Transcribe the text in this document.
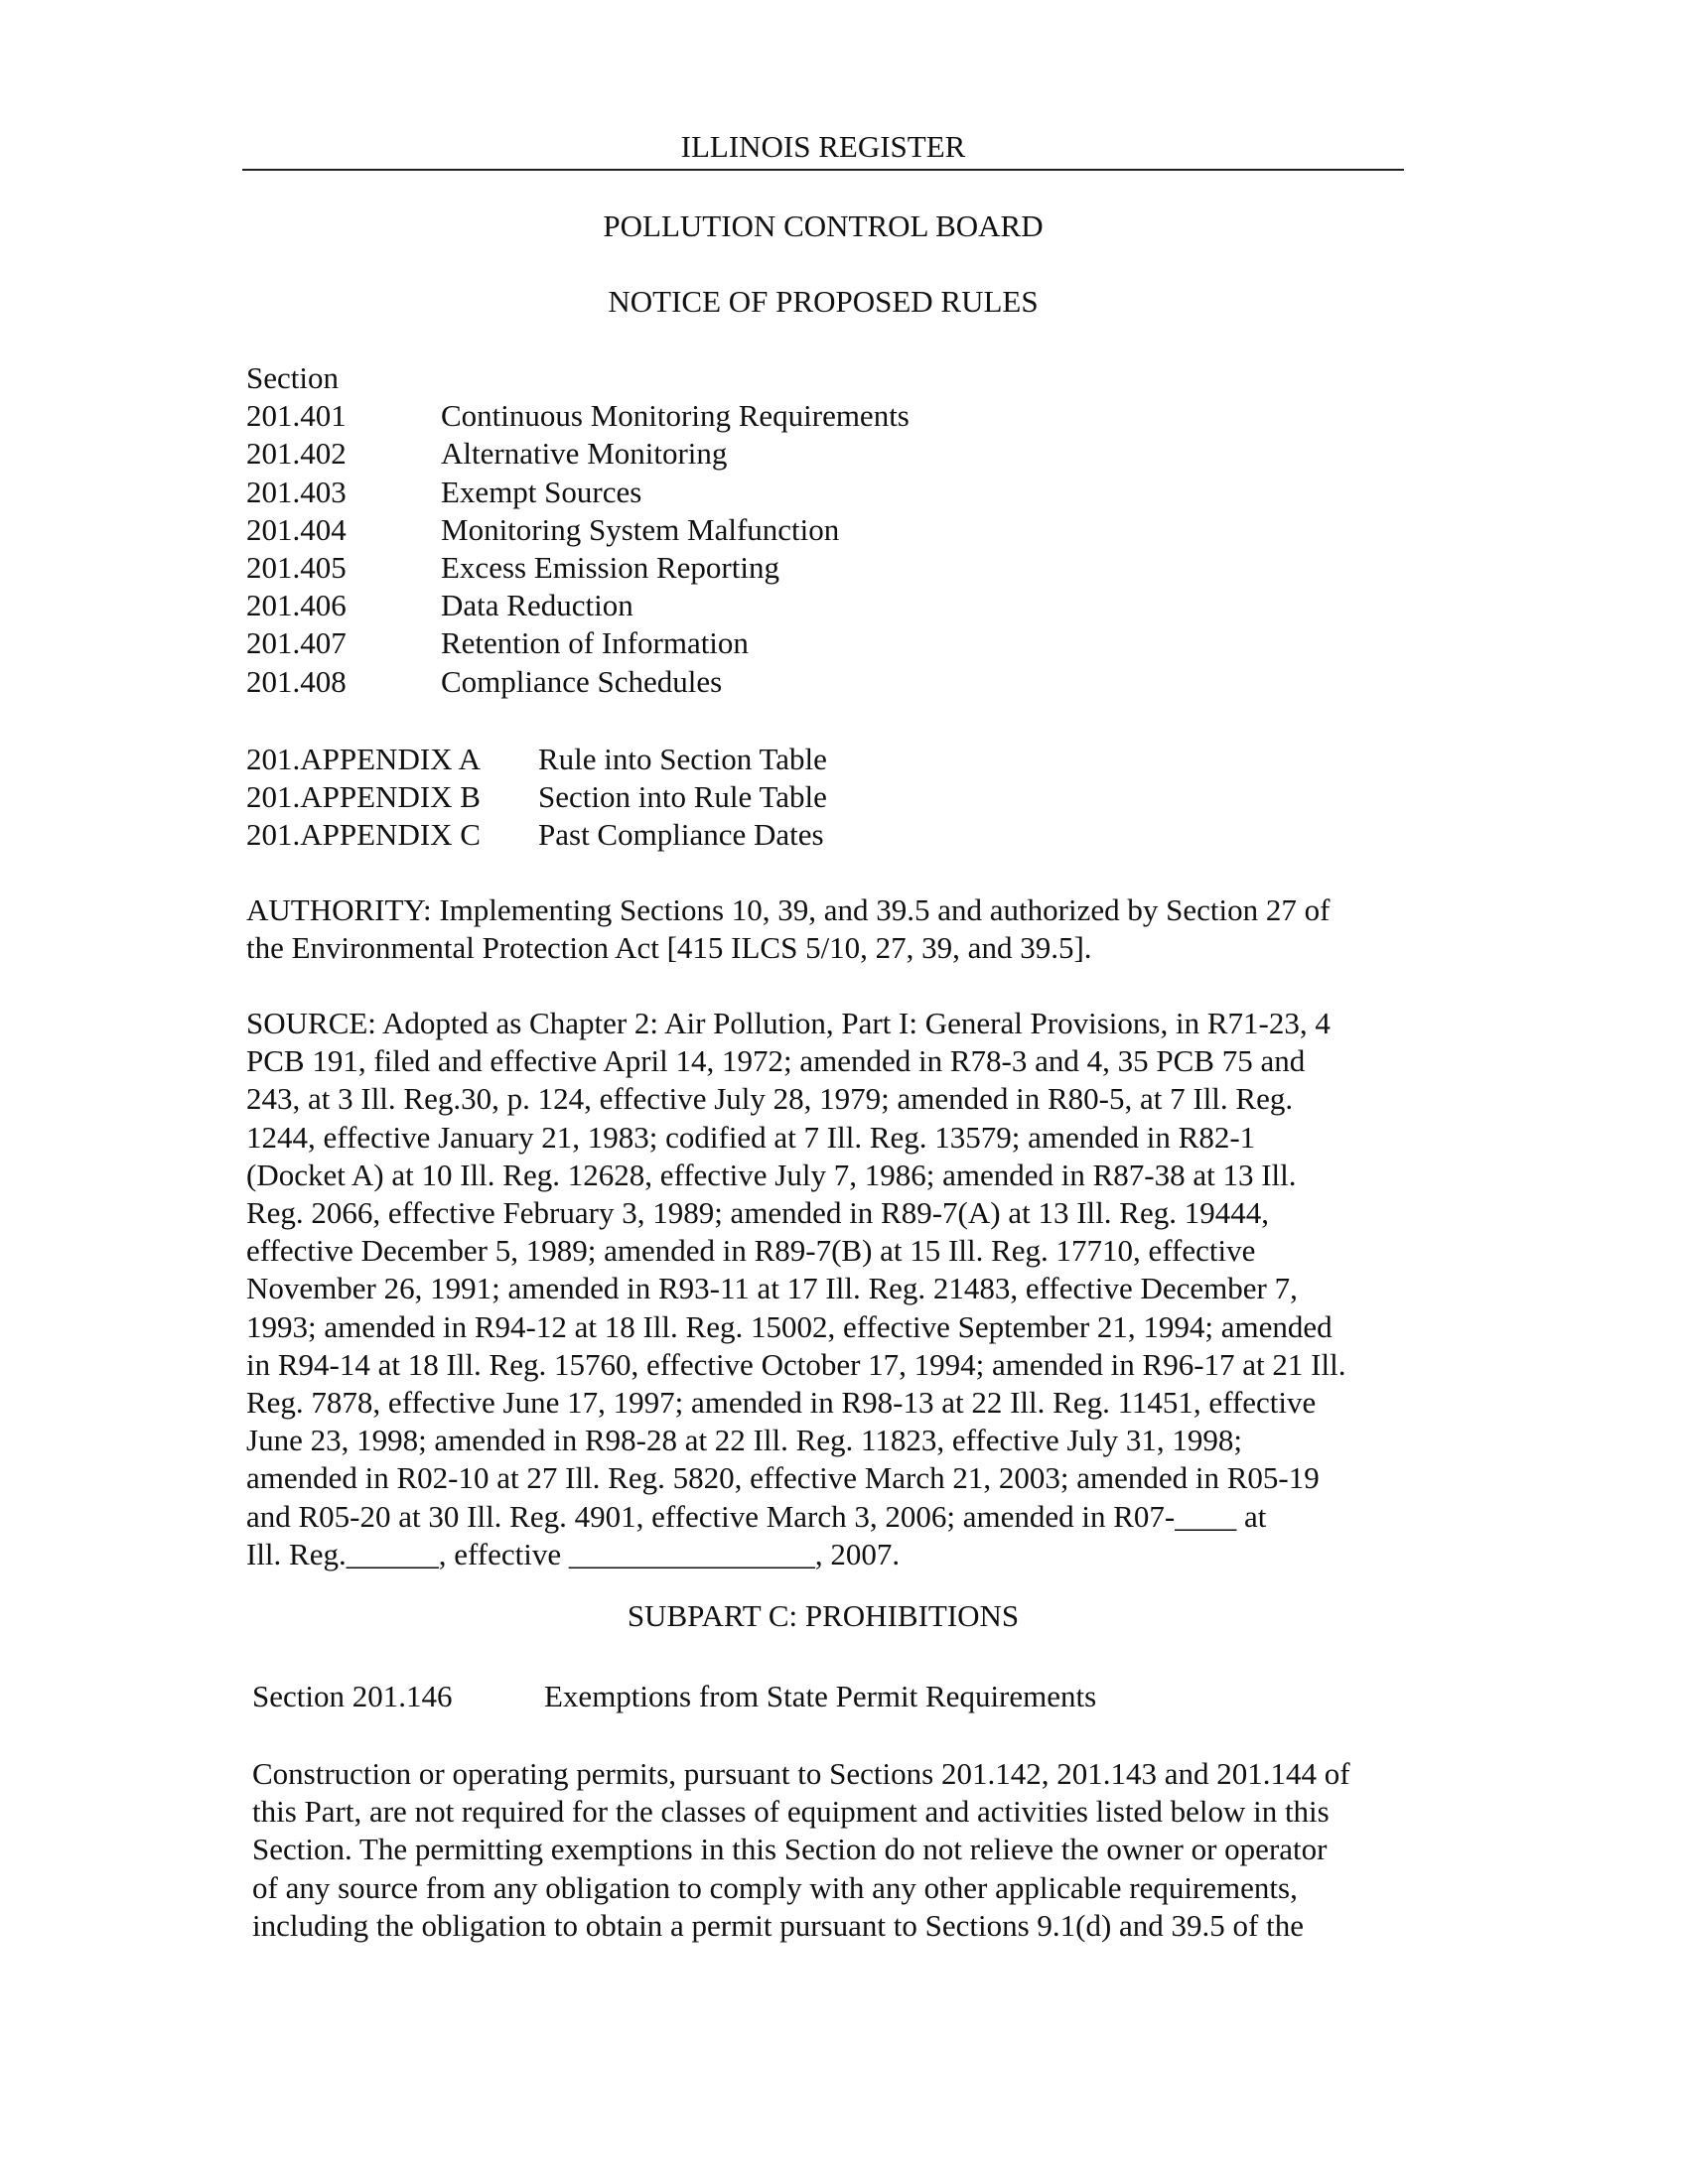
ILLINOIS REGISTER
POLLUTION CONTROL BOARD
NOTICE OF PROPOSED RULES
Section
201.401	Continuous Monitoring Requirements
201.402	Alternative Monitoring
201.403	Exempt Sources
201.404	Monitoring System Malfunction
201.405	Excess Emission Reporting
201.406	Data Reduction
201.407	Retention of Information
201.408	Compliance Schedules
201.APPENDIX A	Rule into Section Table
201.APPENDIX B	Section into Rule Table
201.APPENDIX C	Past Compliance Dates

AUTHORITY: Implementing Sections 10, 39, and 39.5 and authorized by Section 27 of

the Environmental Protection Act [415 ILCS 5/10, 27, 39, and 39.5].

SOURCE: Adopted as Chapter 2: Air Pollution, Part I: General Provisions, in R71-23, 4

PCB 191, filed and effective April 14, 1972; amended in R78-3 and 4, 35 PCB 75 and

243, at 3 Ill. Reg.30, p. 124, effective July 28, 1979; amended in R80-5, at 7 Ill. Reg.

1244, effective January 21, 1983; codified at 7 Ill. Reg. 13579; amended in R82-1

(Docket A) at 10 Ill. Reg. 12628, effective July 7, 1986; amended in R87-38 at 13 Ill.

Reg. 2066, effective February 3, 1989; amended in R89-7(A) at 13 Ill. Reg. 19444,

effective December 5, 1989; amended in R89-7(B) at 15 Ill. Reg. 17710, effective

November 26, 1991; amended in R93-11 at 17 Ill. Reg. 21483, effective December 7,

1993; amended in R94-12 at 18 Ill. Reg. 15002, effective September 21, 1994; amended

in R94-14 at 18 Ill. Reg. 15760, effective October 17, 1994; amended in R96-17 at 21 Ill.

Reg. 7878, effective June 17, 1997; amended in R98-13 at 22 Ill. Reg. 11451, effective

June 23, 1998; amended in R98-28 at 22 Ill. Reg. 11823, effective July 31, 1998;

amended in R02-10 at 27 Ill. Reg. 5820, effective March 21, 2003; amended in R05-19

and R05-20 at 30 Ill. Reg. 4901, effective March 3, 2006; amended in R07-____ at

Ill. Reg.______, effective ________________, 2007.

SUBPART C: PROHIBITIONS
Section 201.146	Exemptions from State Permit Requirements

Construction or operating permits, pursuant to Sections 201.142, 201.143 and 201.144 of

this Part, are not required for the classes of equipment and activities listed below in this

Section. The permitting exemptions in this Section do not relieve the owner or operator

of any source from any obligation to comply with any other applicable requirements,

including the obligation to obtain a permit pursuant to Sections 9.1(d) and 39.5 of the
